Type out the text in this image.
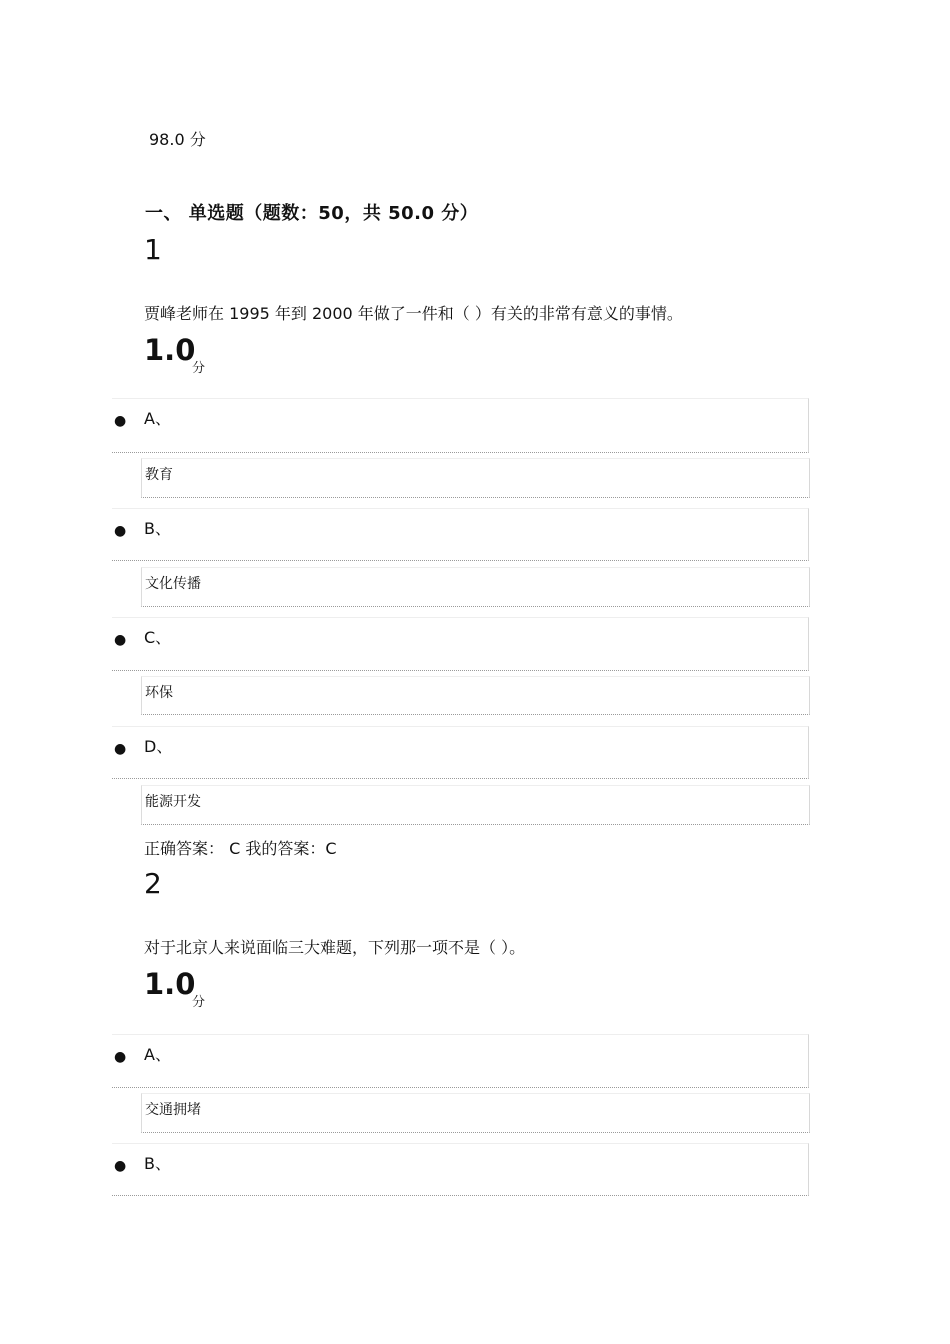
98.0 分
一、 单选题（题数：50，共 50.0 分）
1
贾峰老师在 1995 年到 2000 年做了一件和（ ）有关的非常有意义的事情。
1.0
分
● A、
教育
● B、
文化传播
● C、
环保
● D、
能源开发
正确答案： C 我的答案：C
2
对于北京人来说面临三大难题，下列那一项不是（ ）。
1.0
分
● A、
交通拥堵
● B、
